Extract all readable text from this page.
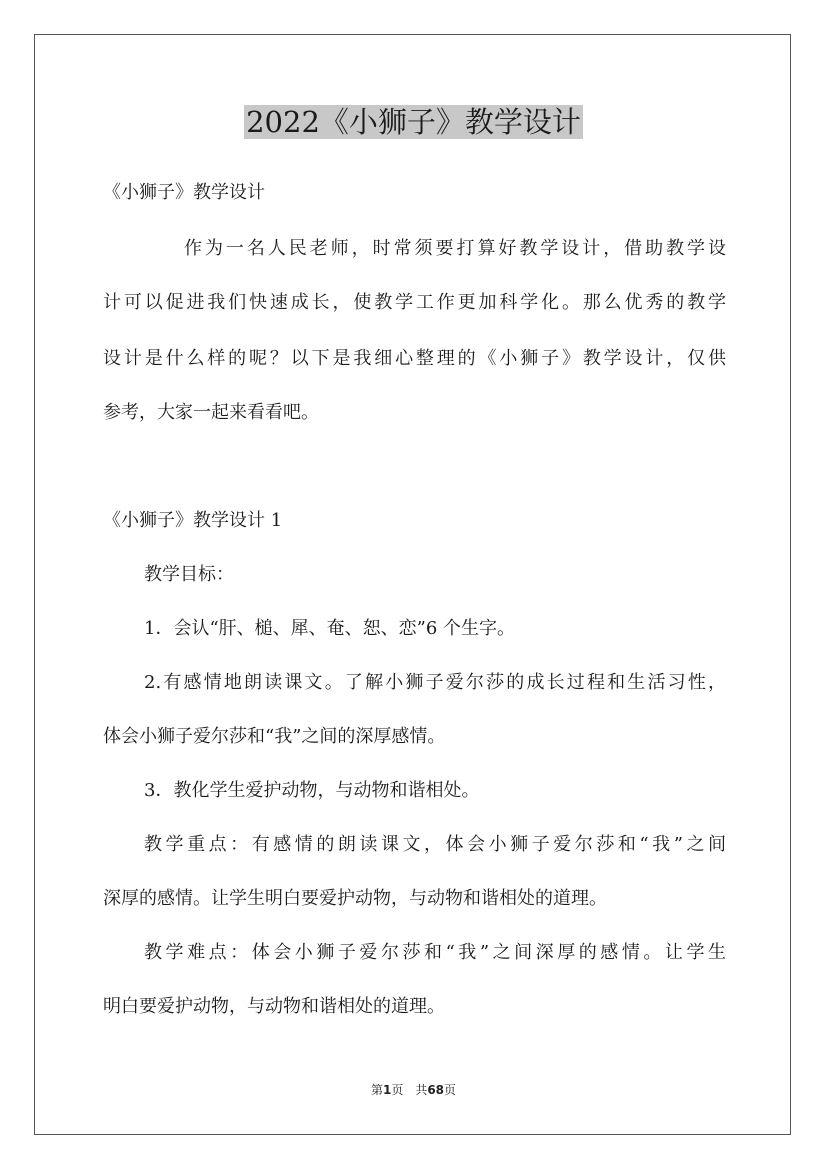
2022《小狮子》教学设计
《小狮子》教学设计
作为一名人民老师，时常须要打算好教学设计，借助教学设
计可以促进我们快速成长，使教学工作更加科学化。那么优秀的教学
设计是什么样的呢？以下是我细心整理的《小狮子》教学设计，仅供
参考，大家一起来看看吧。
《小狮子》教学设计 1
教学目标：
1．会认“肝、槌、犀、奄、恕、恋”6 个生字。
2.有感情地朗读课文。了解小狮子爱尔莎的成长过程和生活习性，
体会小狮子爱尔莎和“我”之间的深厚感情。
3．教化学生爱护动物，与动物和谐相处。
教学重点：有感情的朗读课文，体会小狮子爱尔莎和“我”之间
深厚的感情。让学生明白要爱护动物，与动物和谐相处的道理。
教学难点：体会小狮子爱尔莎和“我”之间深厚的感情。让学生
明白要爱护动物，与动物和谐相处的道理。
第1页　共68页
